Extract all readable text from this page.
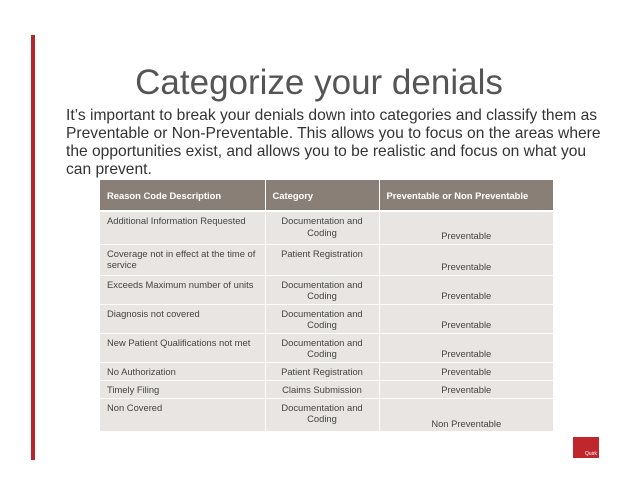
Categorize your denials
It’s important to break your denials down into categories and classify them as Preventable or Non-Preventable. This allows you to focus on the areas where the opportunities exist, and allows you to be realistic and focus on what you can prevent.
Reason Code Description	Category	Preventable or Non Preventable
Additional Information Requested	Documentation and Coding	Preventable
Coverage not in effect at the time of service	Patient Registration	Preventable
Exceeds Maximum number of units	Documentation and Coding	Preventable
Diagnosis not covered	Documentation and Coding	Preventable
New Patient Qualifications not met	Documentation and Coding	Preventable
No Authorization	Patient Registration	Preventable
Timely Filing	Claims Submission	Preventable
Non Covered	Documentation and Coding	Non Preventable
Quirk
